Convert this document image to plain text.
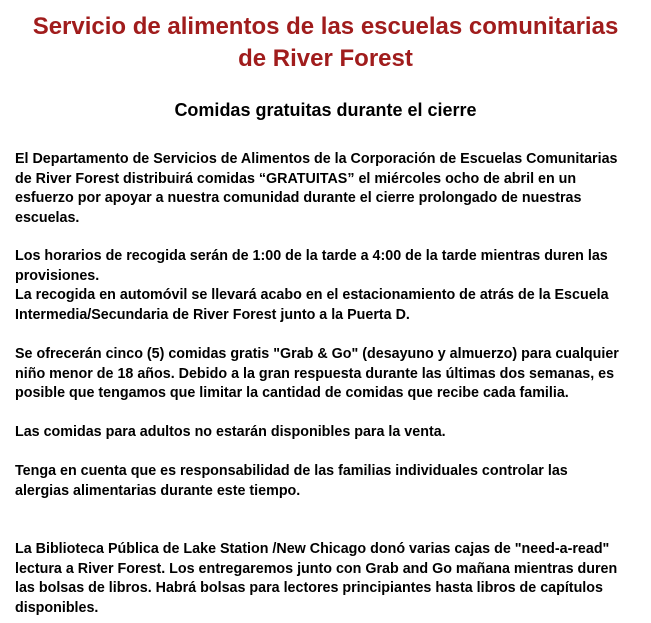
Servicio de alimentos de las escuelas comunitarias
de River Forest
Comidas gratuitas durante el cierre

El Departamento de Servicios de Alimentos de la Corporación de Escuelas Comunitarias
de River Forest distribuirá comidas “GRATUITAS” el miércoles ocho de abril en un
esfuerzo por apoyar a nuestra comunidad durante el cierre prolongado de nuestras
escuelas.

Los horarios de recogida serán de 1:00 de la tarde a 4:00 de la tarde mientras duren las
provisiones.
La recogida en automóvil se llevará acabo en el estacionamiento de atrás de la Escuela
Intermedia/Secundaria de River Forest junto a la Puerta D.

Se ofrecerán cinco (5) comidas gratis "Grab & Go" (desayuno y almuerzo) para cualquier
niño menor de 18 años. Debido a la gran respuesta durante las últimas dos semanas, es
posible que tengamos que limitar la cantidad de comidas que recibe cada familia.

Las comidas para adultos no estarán disponibles para la venta.

Tenga en cuenta que es responsabilidad de las familias individuales controlar las
alergias alimentarias durante este tiempo.

La Biblioteca Pública de Lake Station /New Chicago donó varias cajas de "need-a-read"
lectura a River Forest. Los entregaremos junto con Grab and Go mañana mientras duren
las bolsas de libros. Habrá bolsas para lectores principiantes hasta libros de capítulos
disponibles.
